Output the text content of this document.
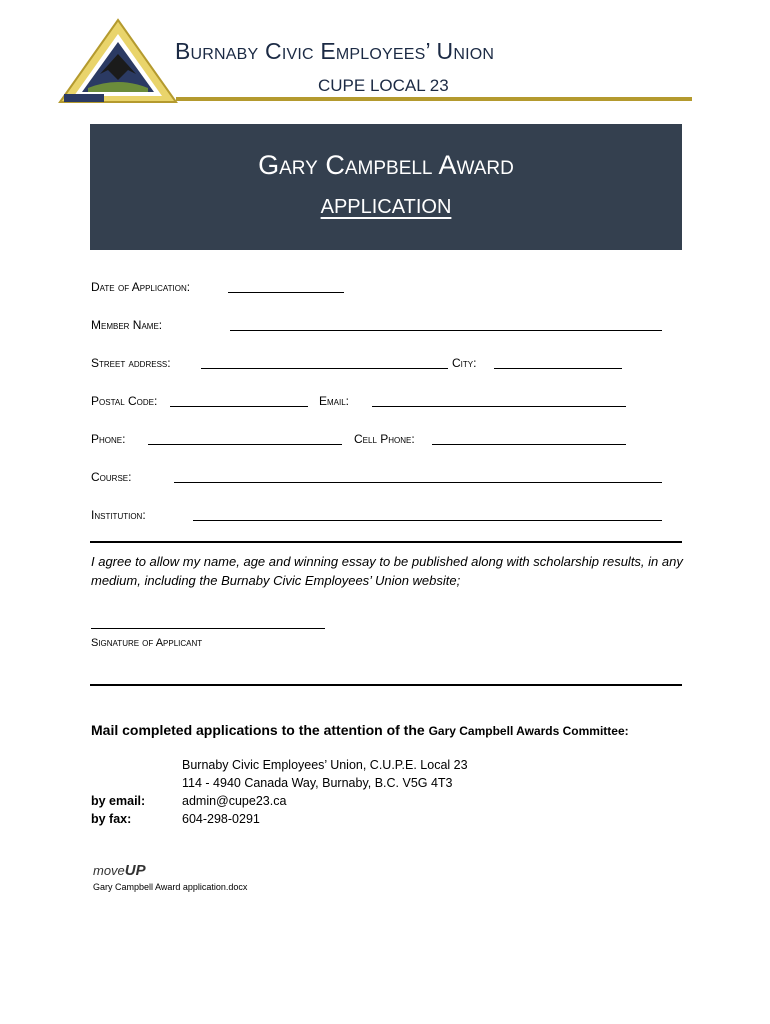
Burnaby Civic Employees’ Union
CUPE LOCAL 23
Gary Campbell Award
APPLICATION
Date of Application:
Member Name:
Street address:	City:
Postal Code:	Email:
Phone:	Cell Phone:
Course:
Institution:
I agree to allow my name, age and winning essay to be published along with scholarship results, in any medium, including the Burnaby Civic Employees’ Union website;
Signature of Applicant
Mail completed applications to the attention of the Gary Campbell Awards Committee:
Burnaby Civic Employees’ Union, C.U.P.E. Local 23
114 - 4940 Canada Way, Burnaby, B.C. V5G 4T3
by email:	admin@cupe23.ca
by fax:	604-298-0291
moveUP
Gary Campbell Award application.docx
